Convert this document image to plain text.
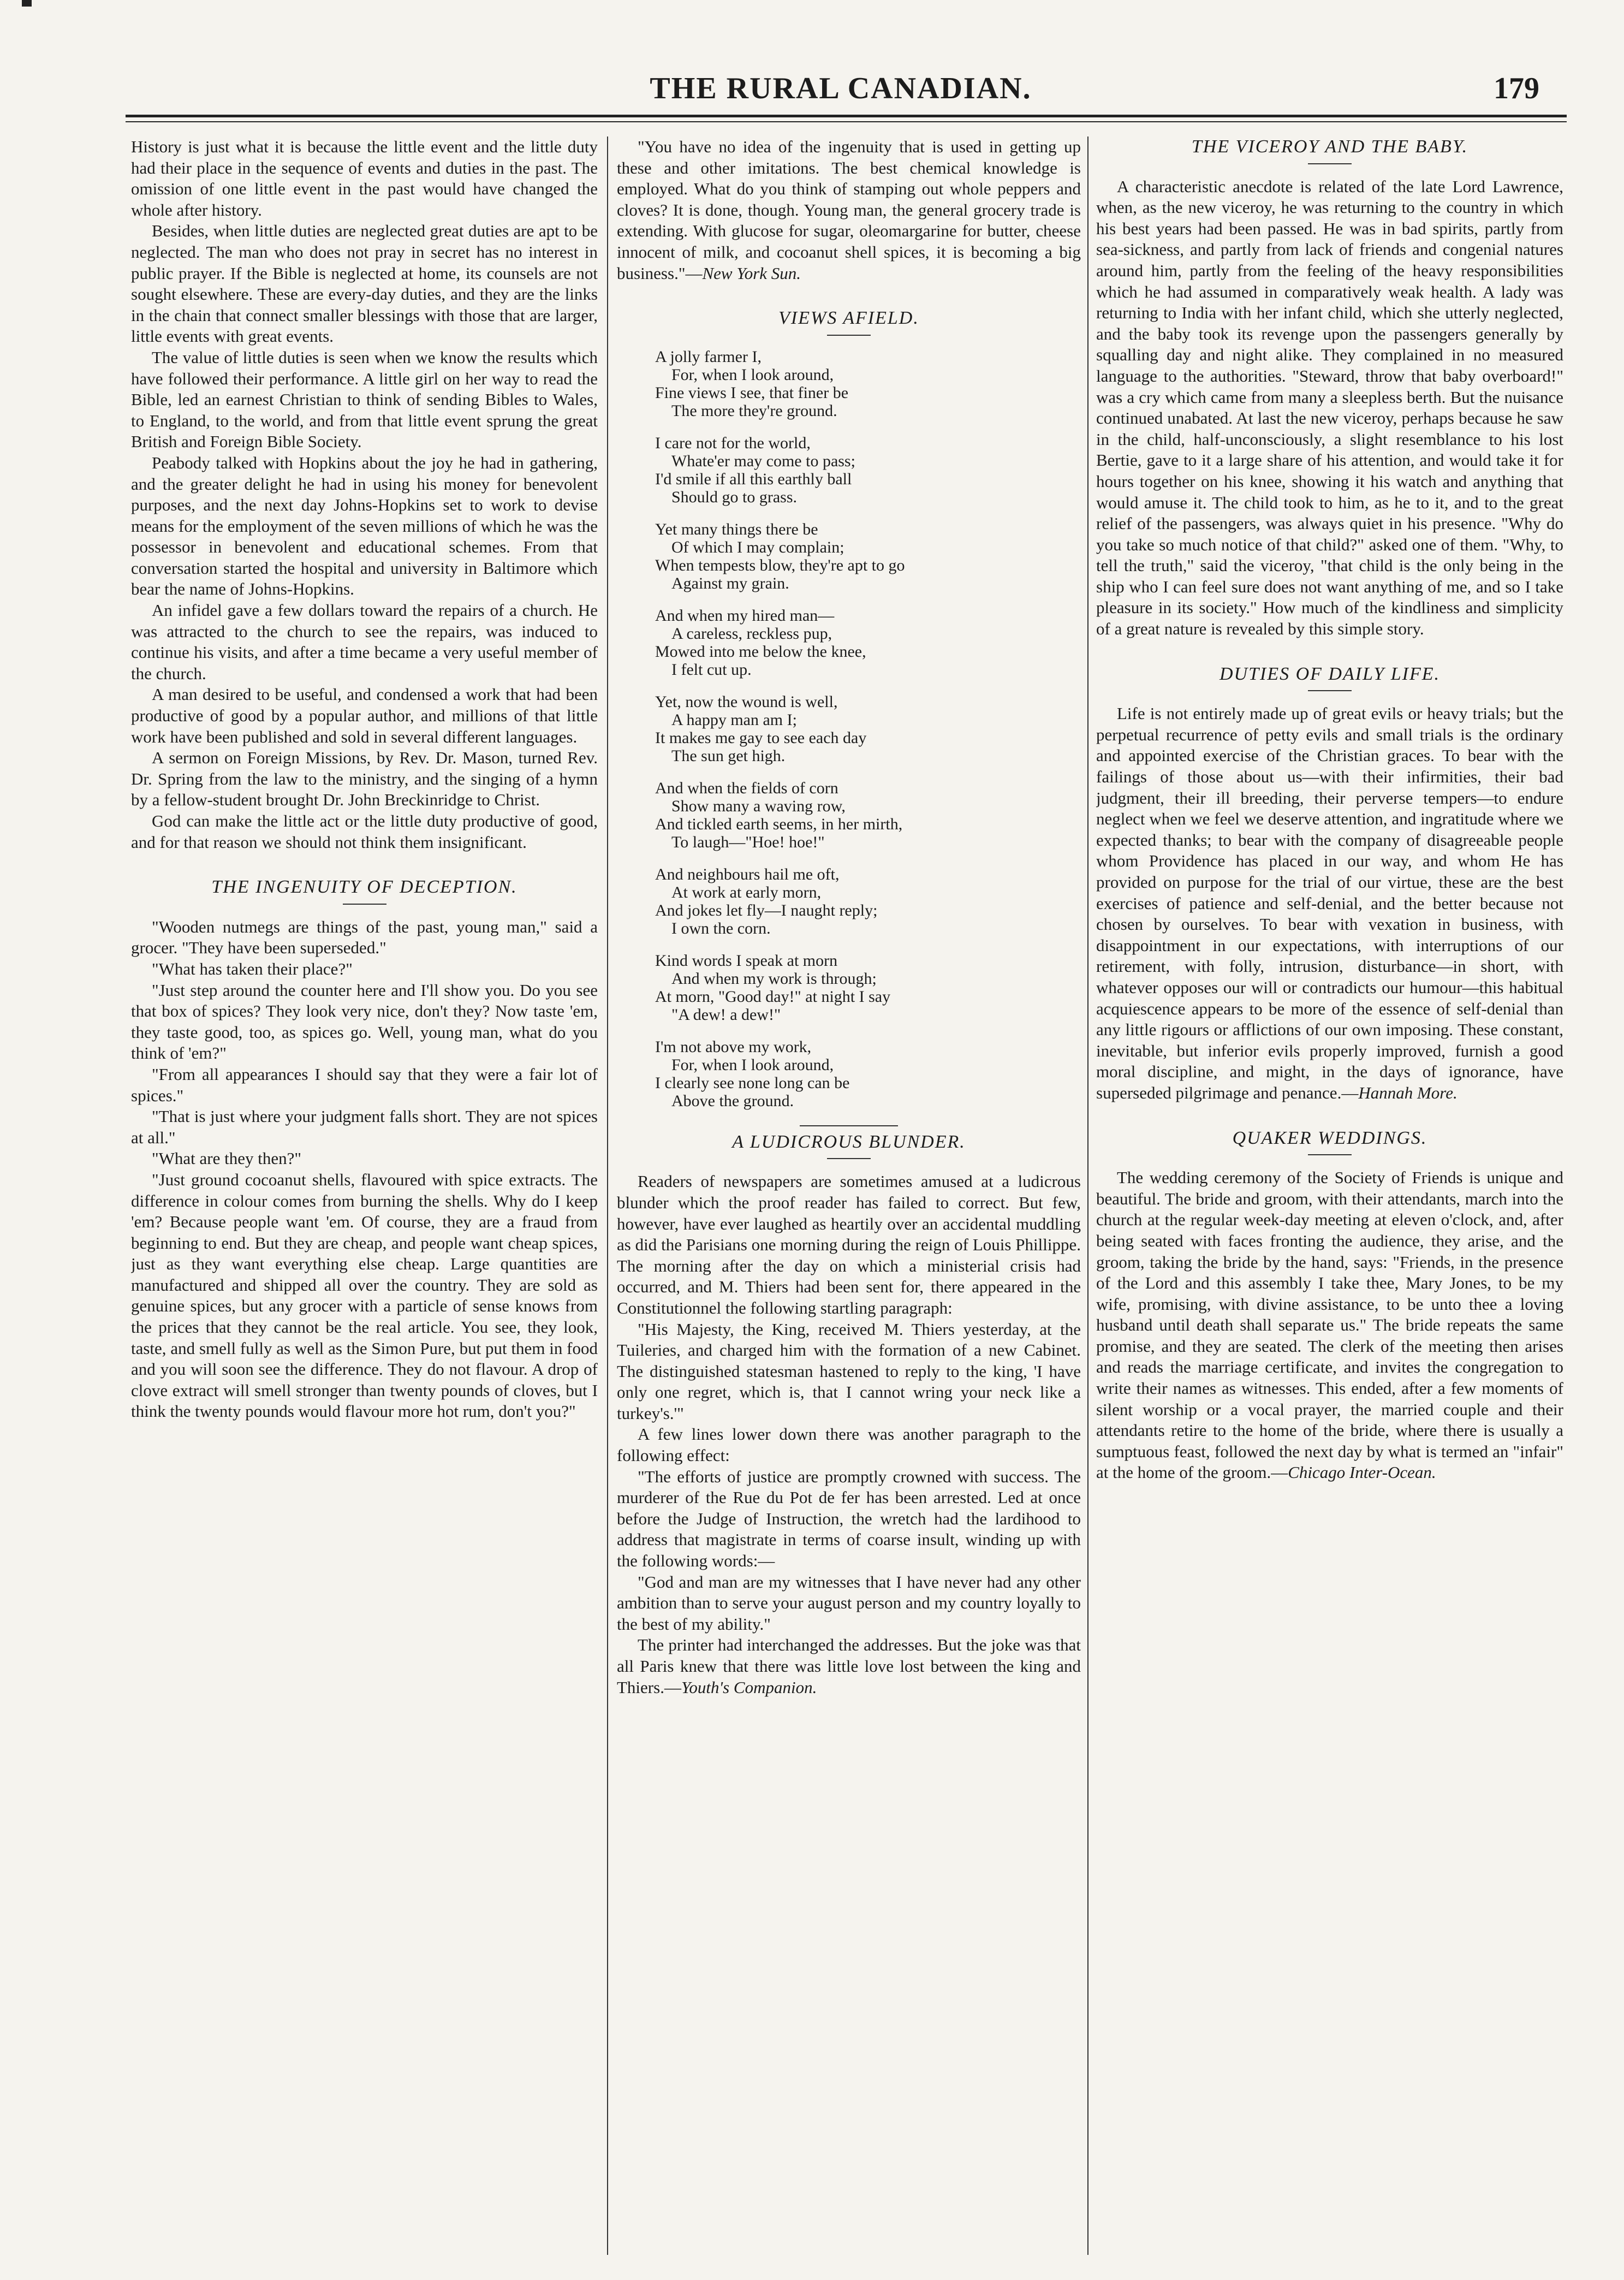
THE RURAL CANADIAN.	179

History is just what it is because the little event and the little duty had their place in the sequence of events and duties in the past. The omission of one little event in the past would have changed the whole after history.

Besides, when little duties are neglected great duties are apt to be neglected. The man who does not pray in secret has no interest in public prayer. If the Bible is neglected at home, its counsels are not sought elsewhere. These are every-day duties, and they are the links in the chain that connect smaller blessings with those that are larger, little events with great events.

The value of little duties is seen when we know the results which have followed their performance. A little girl on her way to read the Bible, led an earnest Christian to think of sending Bibles to Wales, to England, to the world, and from that little event sprung the great British and Foreign Bible Society.

Peabody talked with Hopkins about the joy he had in gathering, and the greater delight he had in using his money for benevolent purposes, and the next day Johns-Hopkins set to work to devise means for the employment of the seven millions of which he was the possessor in benevolent and educational schemes. From that conversation started the hospital and university in Baltimore which bear the name of Johns-Hopkins.

An infidel gave a few dollars toward the repairs of a church. He was attracted to the church to see the repairs, was induced to continue his visits, and after a time became a very useful member of the church.

A man desired to be useful, and condensed a work that had been productive of good by a popular author, and millions of that little work have been published and sold in several different languages.

A sermon on Foreign Missions, by Rev. Dr. Mason, turned Rev. Dr. Spring from the law to the ministry, and the singing of a hymn by a fellow-student brought Dr. John Breckinridge to Christ.

God can make the little act or the little duty productive of good, and for that reason we should not think them insignificant.

THE INGENUITY OF DECEPTION.

"Wooden nutmegs are things of the past, young man," said a grocer. "They have been superseded."

"What has taken their place?"

"Just step around the counter here and I'll show you. Do you see that box of spices? They look very nice, don't they? Now taste 'em, they taste good, too, as spices go. Well, young man, what do you think of 'em?"

"From all appearances I should say that they were a fair lot of spices."

"That is just where your judgment falls short. They are not spices at all."

"What are they then?"

"Just ground cocoanut shells, flavoured with spice extracts. The difference in colour comes from burning the shells. Why do I keep 'em? Because people want 'em. Of course, they are a fraud from beginning to end. But they are cheap, and people want cheap spices, just as they want everything else cheap. Large quantities are manufactured and shipped all over the country. They are sold as genuine spices, but any grocer with a particle of sense knows from the prices that they cannot be the real article. You see, they look, taste, and smell fully as well as the Simon Pure, but put them in food and you will soon see the difference. They do not flavour. A drop of clove extract will smell stronger than twenty pounds of cloves, but I think the twenty pounds would flavour more hot rum, don't you?"

"You have no idea of the ingenuity that is used in getting up these and other imitations. The best chemical knowledge is employed. What do you think of stamping out whole peppers and cloves? It is done, though. Young man, the general grocery trade is extending. With glucose for sugar, oleomargarine for butter, cheese innocent of milk, and cocoanut shell spices, it is becoming a big business."—New York Sun.

VIEWS AFIELD.
A jolly farmer I,
For, when I look around,
Fine views I see, that finer be
The more they're ground.
I care not for the world,
Whate'er may come to pass;
I'd smile if all this earthly ball
Should go to grass.
Yet many things there be
Of which I may complain;
When tempests blow, they're apt to go
Against my grain.
And when my hired man—
A careless, reckless pup,
Mowed into me below the knee,
I felt cut up.
Yet, now the wound is well,
A happy man am I;
It makes me gay to see each day
The sun get high.
And when the fields of corn
Show many a waving row,
And tickled earth seems, in her mirth,
To laugh—"Hoe! hoe!"
And neighbours hail me oft,
At work at early morn,
And jokes let fly—I naught reply;
I own the corn.
Kind words I speak at morn
And when my work is through;
At morn, "Good day!" at night I say
"A dew! a dew!"
I'm not above my work,
For, when I look around,
I clearly see none long can be
Above the ground.
A LUDICROUS BLUNDER.

Readers of newspapers are sometimes amused at a ludicrous blunder which the proof reader has failed to correct. But few, however, have ever laughed as heartily over an accidental muddling as did the Parisians one morning during the reign of Louis Phillippe. The morning after the day on which a ministerial crisis had occurred, and M. Thiers had been sent for, there appeared in the Constitutionnel the following startling paragraph:

"His Majesty, the King, received M. Thiers yesterday, at the Tuileries, and charged him with the formation of a new Cabinet. The distinguished statesman hastened to reply to the king, 'I have only one regret, which is, that I cannot wring your neck like a turkey's.'"

A few lines lower down there was another paragraph to the following effect:

"The efforts of justice are promptly crowned with success. The murderer of the Rue du Pot de fer has been arrested. Led at once before the Judge of Instruction, the wretch had the lardihood to address that magistrate in terms of coarse insult, winding up with the following words:—

"God and man are my witnesses that I have never had any other ambition than to serve your august person and my country loyally to the best of my ability."

The printer had interchanged the addresses. But the joke was that all Paris knew that there was little love lost between the king and Thiers.—Youth's Companion.

THE VICEROY AND THE BABY.

A characteristic anecdote is related of the late Lord Lawrence, when, as the new viceroy, he was returning to the country in which his best years had been passed. He was in bad spirits, partly from sea-sickness, and partly from lack of friends and congenial natures around him, partly from the feeling of the heavy responsibilities which he had assumed in comparatively weak health. A lady was returning to India with her infant child, which she utterly neglected, and the baby took its revenge upon the passengers generally by squalling day and night alike. They complained in no measured language to the authorities. "Steward, throw that baby overboard!" was a cry which came from many a sleepless berth. But the nuisance continued unabated. At last the new viceroy, perhaps because he saw in the child, half-unconsciously, a slight resemblance to his lost Bertie, gave to it a large share of his attention, and would take it for hours together on his knee, showing it his watch and anything that would amuse it. The child took to him, as he to it, and to the great relief of the passengers, was always quiet in his presence. "Why do you take so much notice of that child?" asked one of them. "Why, to tell the truth," said the viceroy, "that child is the only being in the ship who I can feel sure does not want anything of me, and so I take pleasure in its society." How much of the kindliness and simplicity of a great nature is revealed by this simple story.

DUTIES OF DAILY LIFE.

Life is not entirely made up of great evils or heavy trials; but the perpetual recurrence of petty evils and small trials is the ordinary and appointed exercise of the Christian graces. To bear with the failings of those about us—with their infirmities, their bad judgment, their ill breeding, their perverse tempers—to endure neglect when we feel we deserve attention, and ingratitude where we expected thanks; to bear with the company of disagreeable people whom Providence has placed in our way, and whom He has provided on purpose for the trial of our virtue, these are the best exercises of patience and self-denial, and the better because not chosen by ourselves. To bear with vexation in business, with disappointment in our expectations, with interruptions of our retirement, with folly, intrusion, disturbance—in short, with whatever opposes our will or contradicts our humour—this habitual acquiescence appears to be more of the essence of self-denial than any little rigours or afflictions of our own imposing. These constant, inevitable, but inferior evils properly improved, furnish a good moral discipline, and might, in the days of ignorance, have superseded pilgrimage and penance.—Hannah More.

QUAKER WEDDINGS.

The wedding ceremony of the Society of Friends is unique and beautiful. The bride and groom, with their attendants, march into the church at the regular week-day meeting at eleven o'clock, and, after being seated with faces fronting the audience, they arise, and the groom, taking the bride by the hand, says: "Friends, in the presence of the Lord and this assembly I take thee, Mary Jones, to be my wife, promising, with divine assistance, to be unto thee a loving husband until death shall separate us." The bride repeats the same promise, and they are seated. The clerk of the meeting then arises and reads the marriage certificate, and invites the congregation to write their names as witnesses. This ended, after a few moments of silent worship or a vocal prayer, the married couple and their attendants retire to the home of the bride, where there is usually a sumptuous feast, followed the next day by what is termed an "infair" at the home of the groom.—Chicago Inter-Ocean.
